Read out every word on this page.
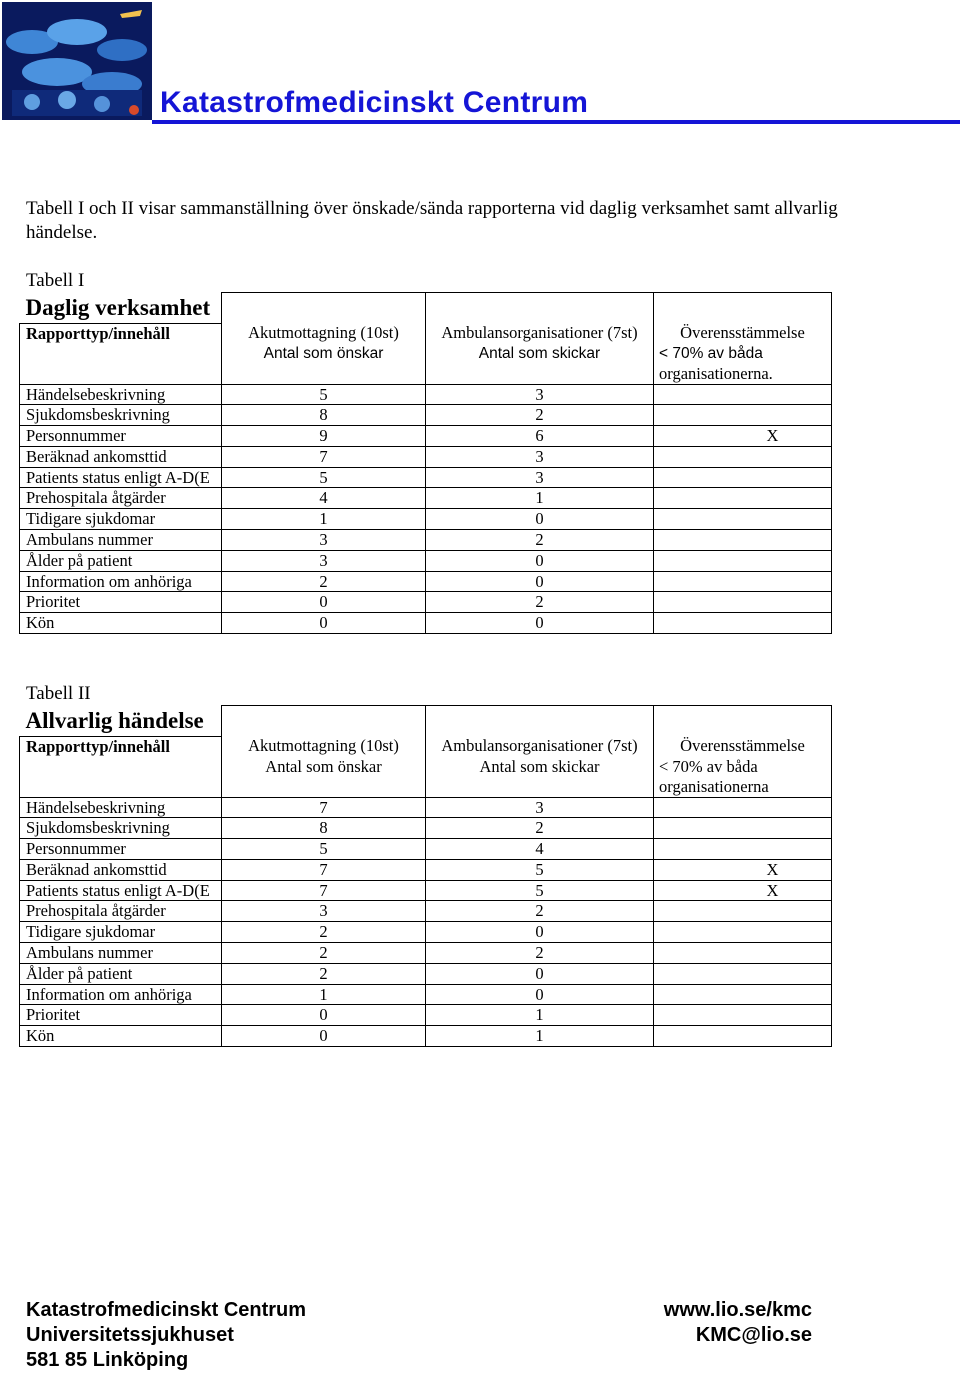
Katastrofmedicinskt Centrum
Tabell I och II visar sammanställning över önskade/sända rapporterna vid daglig verksamhet samt allvarlig händelse.
Tabell I
Daglig verksamhet			
Rapporttyp/innehåll	Akutmottagning (10st)	Ambulansorganisationer (7st)	Överensstämmelse
	Antal som önskar	Antal som skickar	< 70% av båda
organisationerna.

Händelsebeskrivning	5	3	
Sjukdomsbeskrivning	8	2	
Personnummer	9	6	X
Beräknad ankomsttid	7	3	
Patients status enligt A-D(E	5	3	
Prehospitala åtgärder	4	1	
Tidigare sjukdomar	1	0	
Ambulans nummer	3	2	
Ålder på patient	3	0	
Information om anhöriga	2	0	
Prioritet	0	2	
Kön	0	0	
Tabell II
Allvarlig händelse			
Rapporttyp/innehåll	Akutmottagning (10st)	Ambulansorganisationer (7st)	Överensstämmelse
	Antal som önskar	Antal som skickar	< 70% av båda
organisationerna

Händelsebeskrivning	7	3	
Sjukdomsbeskrivning	8	2	
Personnummer	5	4	
Beräknad ankomsttid	7	5	X
Patients status enligt A-D(E	7	5	X
Prehospitala åtgärder	3	2	
Tidigare sjukdomar	2	0	
Ambulans nummer	2	2	
Ålder på patient	2	0	
Information om anhöriga	1	0	
Prioritet	0	1	
Kön	0	1	
Katastrofmedicinskt Centrum
Universitetssjukhuset
581 85 Linköping
www.lio.se/kmc
KMC@lio.se
